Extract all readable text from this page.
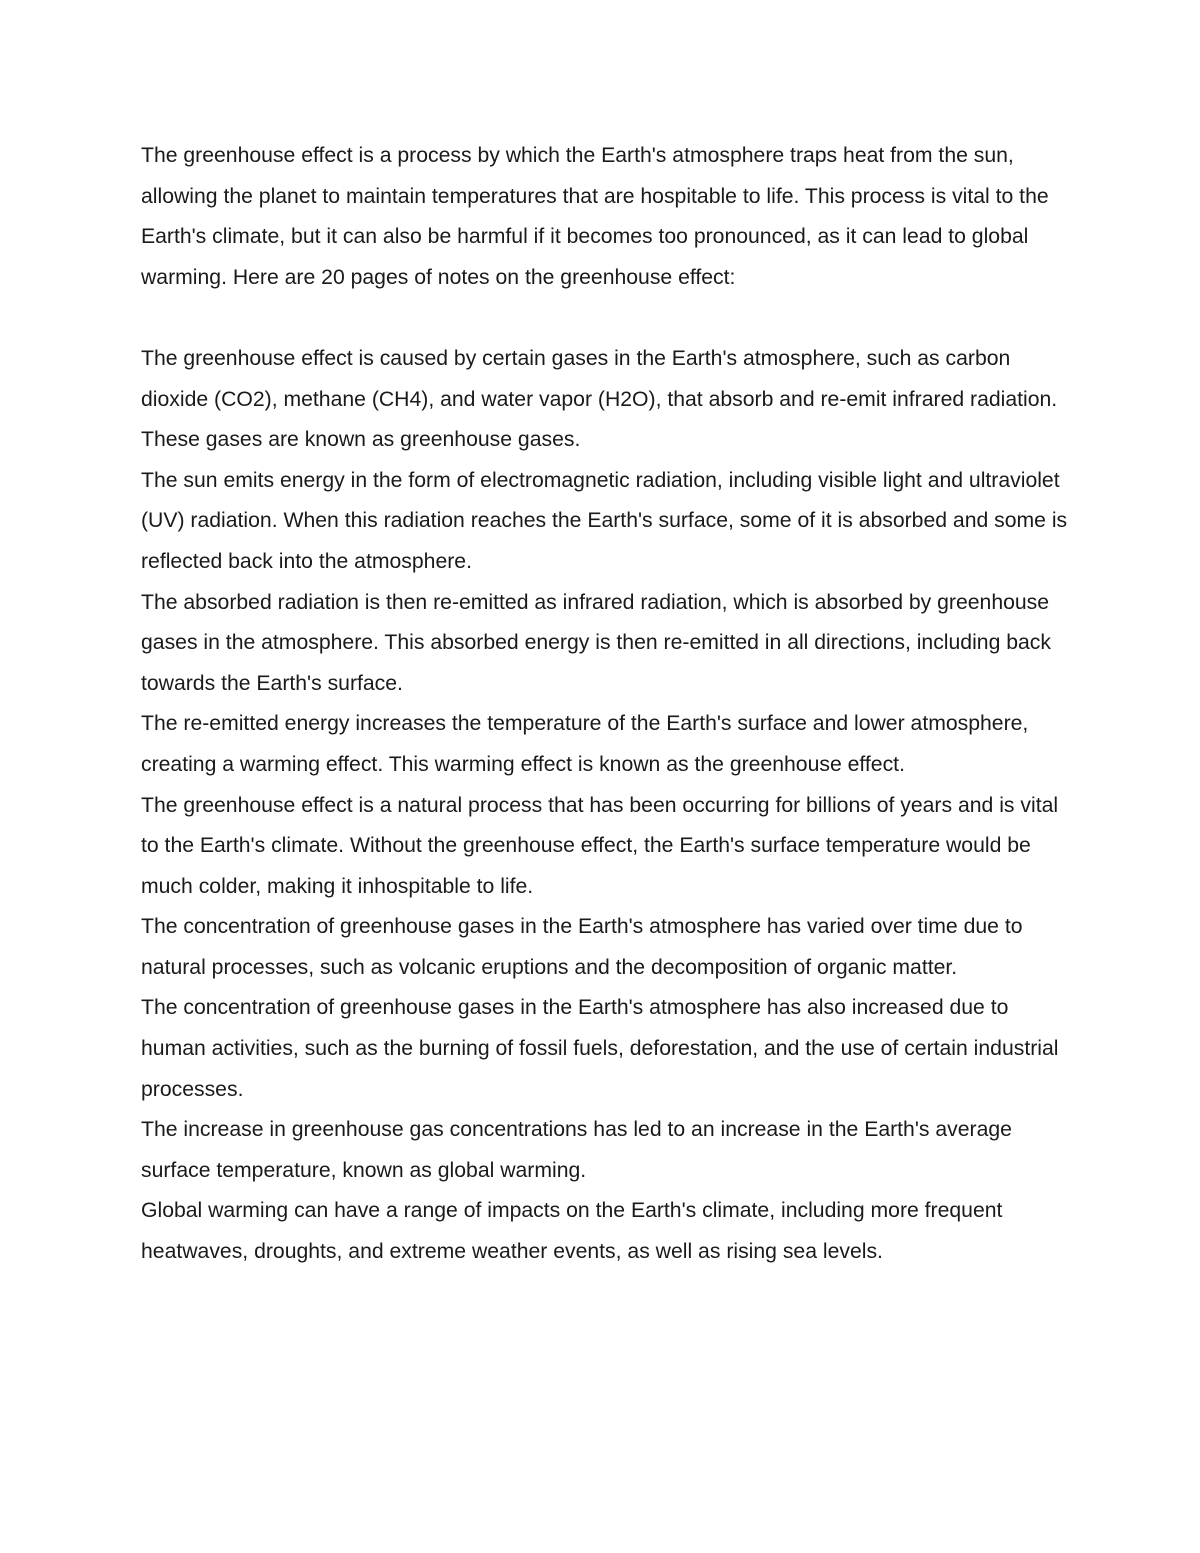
The greenhouse effect is a process by which the Earth's atmosphere traps heat from the sun, allowing the planet to maintain temperatures that are hospitable to life. This process is vital to the Earth's climate, but it can also be harmful if it becomes too pronounced, as it can lead to global warming. Here are 20 pages of notes on the greenhouse effect:

The greenhouse effect is caused by certain gases in the Earth's atmosphere, such as carbon dioxide (CO2), methane (CH4), and water vapor (H2O), that absorb and re-emit infrared radiation. These gases are known as greenhouse gases.

The sun emits energy in the form of electromagnetic radiation, including visible light and ultraviolet (UV) radiation. When this radiation reaches the Earth's surface, some of it is absorbed and some is reflected back into the atmosphere.

The absorbed radiation is then re-emitted as infrared radiation, which is absorbed by greenhouse gases in the atmosphere. This absorbed energy is then re-emitted in all directions, including back towards the Earth's surface.

The re-emitted energy increases the temperature of the Earth's surface and lower atmosphere, creating a warming effect. This warming effect is known as the greenhouse effect.

The greenhouse effect is a natural process that has been occurring for billions of years and is vital to the Earth's climate. Without the greenhouse effect, the Earth's surface temperature would be much colder, making it inhospitable to life.

The concentration of greenhouse gases in the Earth's atmosphere has varied over time due to natural processes, such as volcanic eruptions and the decomposition of organic matter.

The concentration of greenhouse gases in the Earth's atmosphere has also increased due to human activities, such as the burning of fossil fuels, deforestation, and the use of certain industrial processes.

The increase in greenhouse gas concentrations has led to an increase in the Earth's average surface temperature, known as global warming.

Global warming can have a range of impacts on the Earth's climate, including more frequent heatwaves, droughts, and extreme weather events, as well as rising sea levels.
